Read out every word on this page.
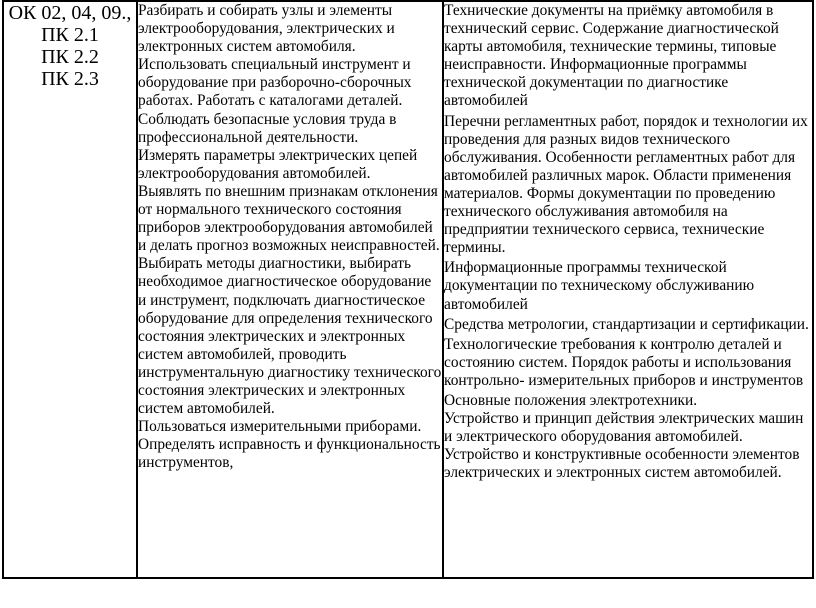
ОК 02, 04, 09.,
ПК 2.1
ПК 2.2
ПК 2.3

Разбирать и собирать узлы и элементы электрооборудования, электрических и электронных систем автомобиля.
Использовать специальный инструмент и оборудование при разборочно-сборочных работах. Работать с каталогами деталей.
Соблюдать безопасные условия труда в профессиональной деятельности.
Измерять параметры электрических цепей электрооборудования автомобилей.
Выявлять по внешним признакам отклонения от нормального технического состояния приборов электрооборудования автомобилей и делать прогноз возможных неисправностей.
Выбирать методы диагностики, выбирать необходимое диагностическое оборудование и инструмент, подключать диагностическое оборудование для определения технического состояния электрических и электронных систем автомобилей, проводить инструментальную диагностику технического состояния электрических и электронных систем автомобилей.
Пользоваться измерительными приборами. Определять исправность и функциональность инструментов,

Технические документы на приёмку автомобиля в технический сервис. Содержание диагностической карты автомобиля, технические термины, типовые неисправности. Информационные программы технической документации по диагностике автомобилей
Перечни регламентных работ, порядок и технологии их проведения для разных видов технического обслуживания. Особенности регламентных работ для автомобилей различных марок. Области применения материалов. Формы документации по проведению технического обслуживания автомобиля на предприятии технического сервиса, технические термины.
Информационные программы технической документации по техническому обслуживанию автомобилей
Средства метрологии, стандартизации и сертификации.
Технологические требования к контролю деталей и состоянию систем. Порядок работы и использования контрольно- измерительных приборов и инструментов
Основные положения электротехники.
Устройство и принцип действия электрических машин и электрического оборудования автомобилей. Устройство и конструктивные особенности элементов электрических и электронных систем автомобилей.
